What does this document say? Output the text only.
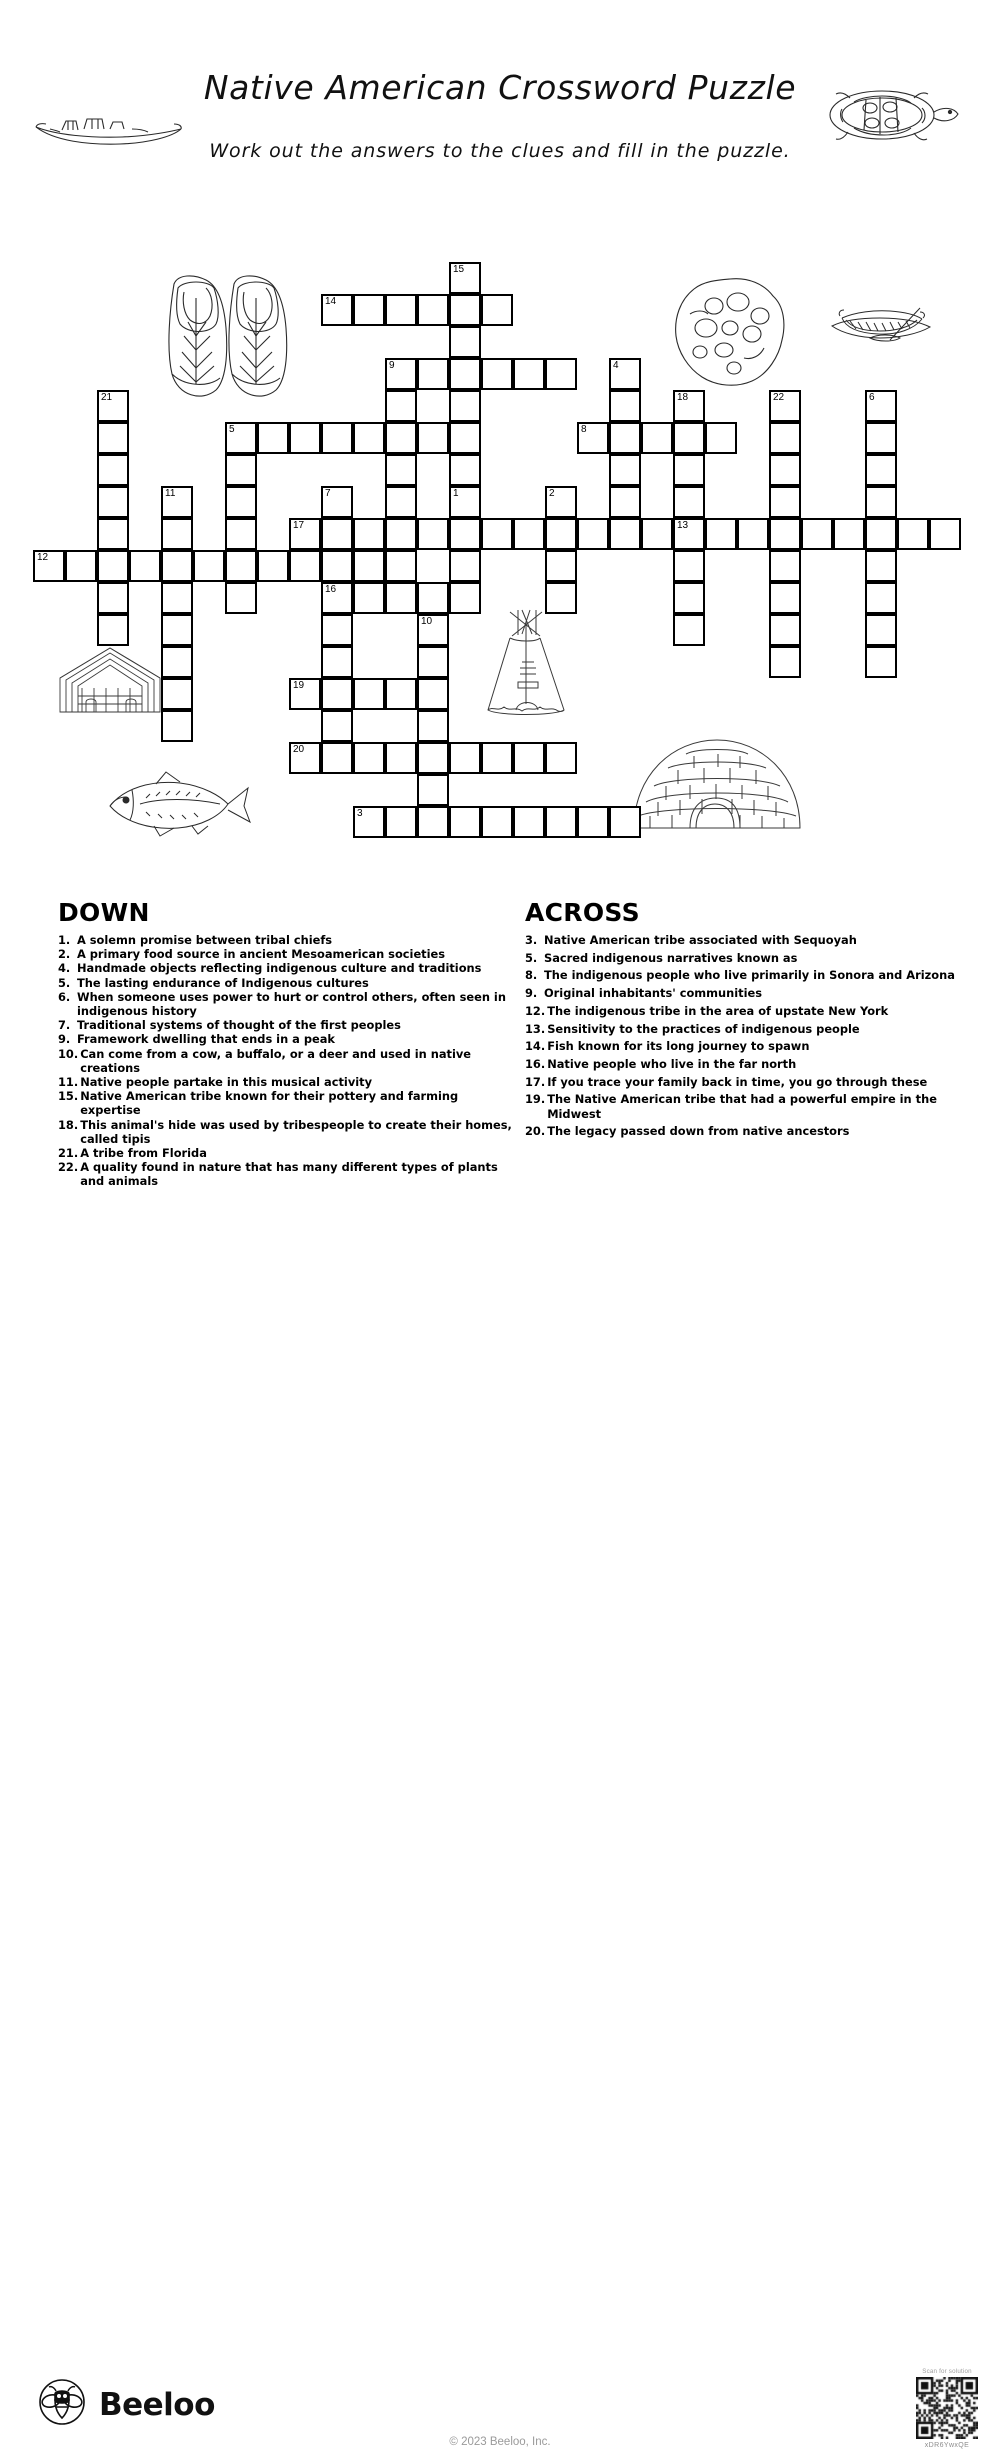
Native American Crossword Puzzle
Work out the answers to the clues and fill in the puzzle.
14
15
1
9	4
21	18
13
22	6
5	8
11	7
16
2
17
12
10
19
20
3
DOWN
1. A solemn promise between tribal chiefs
2. A primary food source in ancient Mesoamerican societies
4. Handmade objects reflecting indigenous culture and traditions
5. The lasting endurance of Indigenous cultures
6. When someone uses power to hurt or control others, often seen in indigenous history
7. Traditional systems of thought of the first peoples
9. Framework dwelling that ends in a peak
10. Can come from a cow, a buffalo, or a deer and used in native creations
11. Native people partake in this musical activity
15. Native American tribe known for their pottery and farming expertise
18. This animal's hide was used by tribespeople to create their homes, called tipis
21. A tribe from Florida
22. A quality found in nature that has many different types of plants and animals
ACROSS
3. Native American tribe associated with Sequoyah
5. Sacred indigenous narratives known as
8. The indigenous people who live primarily in Sonora and Arizona
9. Original inhabitants' communities
12. The indigenous tribe in the area of upstate New York
13. Sensitivity to the practices of indigenous people
14. Fish known for its long journey to spawn
16. Native people who live in the far north
17. If you trace your family back in time, you go through these
19. The Native American tribe that had a powerful empire in the Midwest
20. The legacy passed down from native ancestors
Beeloo
© 2023 Beeloo, Inc.
Scan for solution
xDR6YwxQE
